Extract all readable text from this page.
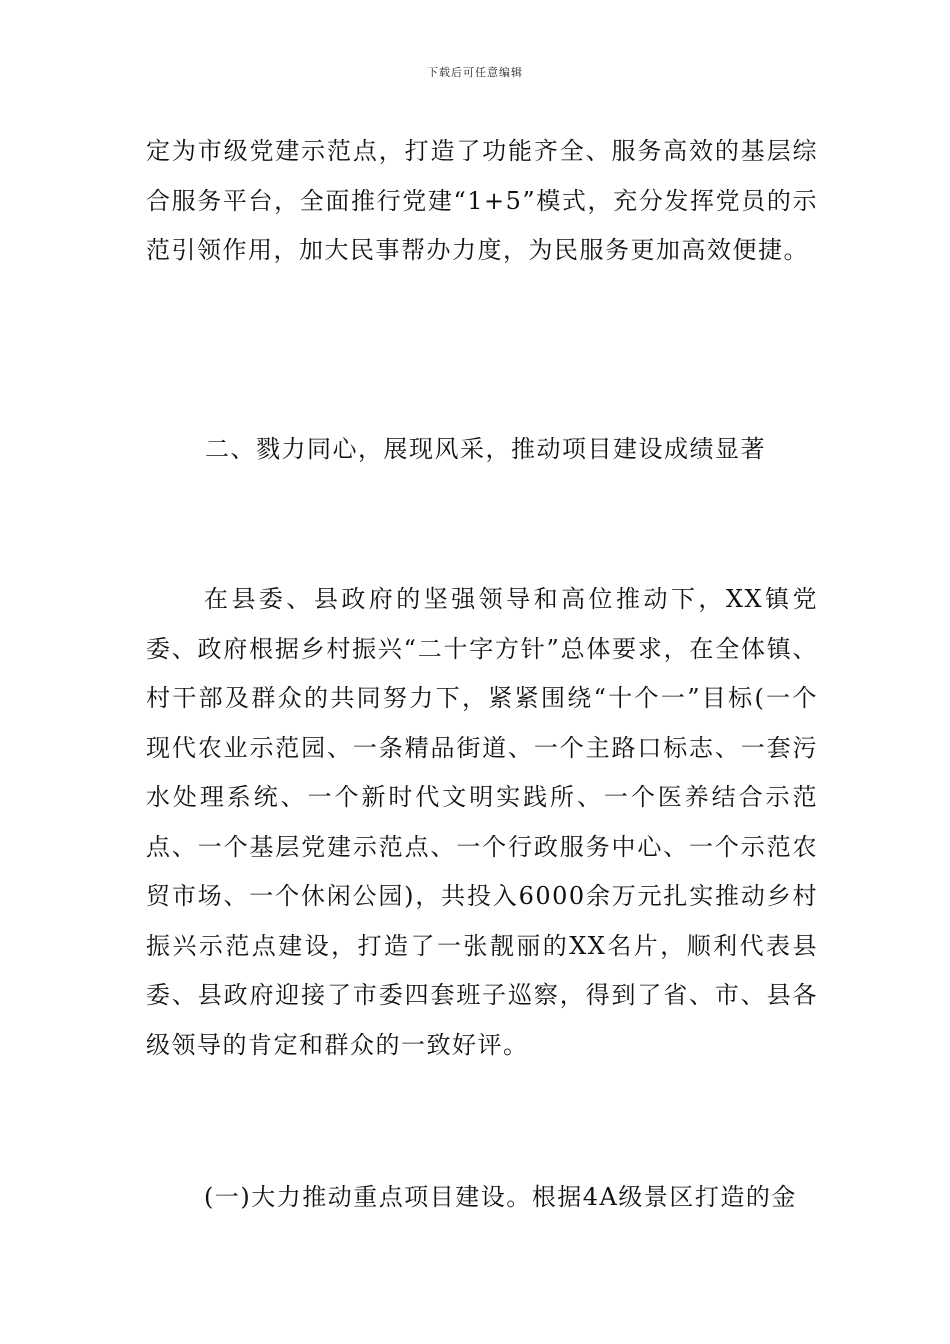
下载后可任意编辑

定为市级党建示范点，打造了功能齐全、服务高效的基层综合服务平台，全面推行党建“1+5”模式，充分发挥党员的示范引领作用，加大民事帮办力度，为民服务更加高效便捷。

二、戮力同心，展现风采，推动项目建设成绩显著

在县委、县政府的坚强领导和高位推动下，XX镇党委、政府根据乡村振兴“二十字方针”总体要求，在全体镇、村干部及群众的共同努力下，紧紧围绕“十个一”目标(一个现代农业示范园、一条精品街道、一个主路口标志、一套污水处理系统、一个新时代文明实践所、一个医养结合示范点、一个基层党建示范点、一个行政服务中心、一个示范农贸市场、一个休闲公园)，共投入6000余万元扎实推动乡村振兴示范点建设，打造了一张靓丽的XX名片，顺利代表县委、县政府迎接了市委四套班子巡察，得到了省、市、县各级领导的肯定和群众的一致好评。

(一)大力推动重点项目建设。根据4A级景区打造的金
